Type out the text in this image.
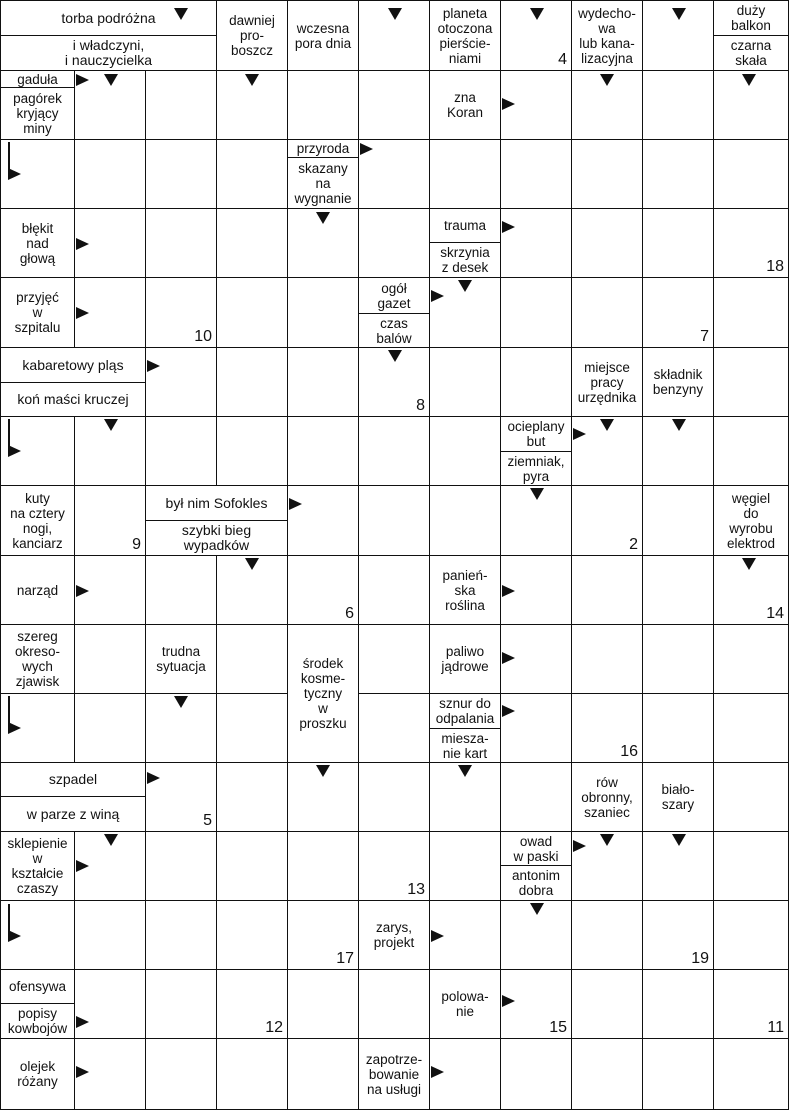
4
18
10	7
8
9	2
6	14
16
5
13
17	19
12	15	11
torba podróżna
i władczyni,
i nauczycielka
dawniej
pro-
boszcz
wczesna
pora dnia
planeta
otoczona
pierście-
niami
wydecho-
wa
lub kana-
lizacyjna
duży
balkon
czarna
skała
gaduła
pagórek
kryjący
miny
zna
Koran
przyroda
skazany
na
wygnanie
błękit
nad
głową
trauma
skrzynia
z desek
przyjęć
w
szpitalu
ogół
gazet
czas
balów
kabaretowy pląs
koń maści kruczej
miejsce
pracy
urzędnika
składnik
benzyny
ocieplany
but
ziemniak,
pyra
kuty
na cztery
nogi,
kanciarz
był nim Sofokles
szybki bieg
wypadków
węgiel
do
wyrobu
elektrod
narząd
panień-
ska
roślina
szereg
okreso-
wych
zjawisk
trudna
sytuacja	środek
kosme-
tyczny
w
proszku
paliwo
jądrowe
sznur do
odpalania
miesza-
nie kart
szpadel
w parze z winą
rów
obronny,
szaniec
biało-
szary
sklepienie
w
kształcie
czaszy
owad
w paski
antonim
dobra
zarys,
projekt
ofensywa
popisy
kowbojów
polowa-
nie
olejek
różany
zapotrze-
bowanie
na usługi
